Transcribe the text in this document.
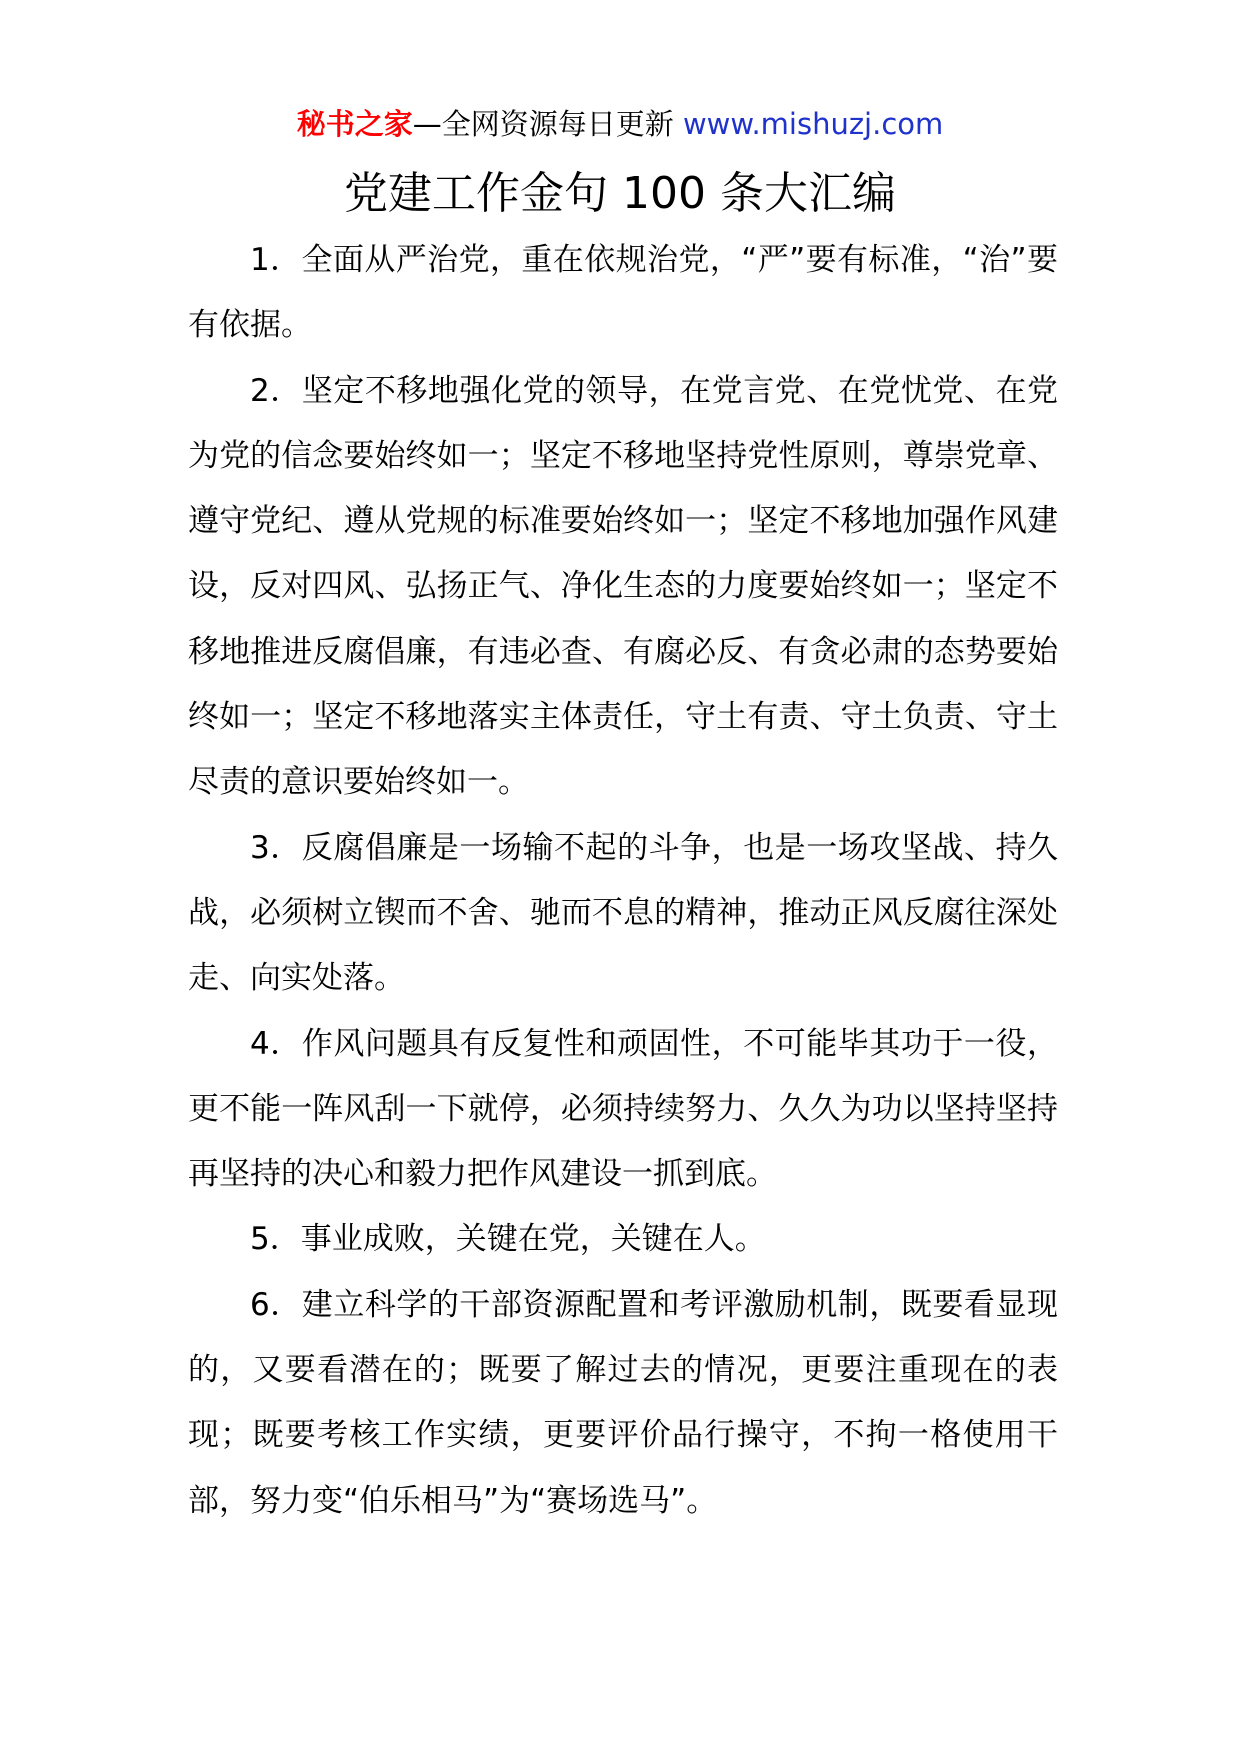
秘书之家—全网资源每日更新 www.mishuzj.com
党建工作金句 100 条大汇编

1．全面从严治党，重在依规治党，“严”要有标准，“治”要有依据。

2．坚定不移地强化党的领导，在党言党、在党忧党、在党为党的信念要始终如一；坚定不移地坚持党性原则，尊崇党章、遵守党纪、遵从党规的标准要始终如一；坚定不移地加强作风建设，反对四风、弘扬正气、净化生态的力度要始终如一；坚定不移地推进反腐倡廉，有违必查、有腐必反、有贪必肃的态势要始终如一；坚定不移地落实主体责任，守土有责、守土负责、守土尽责的意识要始终如一。

3．反腐倡廉是一场输不起的斗争，也是一场攻坚战、持久战，必须树立锲而不舍、驰而不息的精神，推动正风反腐往深处走、向实处落。

4．作风问题具有反复性和顽固性，不可能毕其功于一役，更不能一阵风刮一下就停，必须持续努力、久久为功以坚持坚持再坚持的决心和毅力把作风建设一抓到底。

5．事业成败，关键在党，关键在人。

6．建立科学的干部资源配置和考评激励机制，既要看显现的，又要看潜在的；既要了解过去的情况，更要注重现在的表现；既要考核工作实绩，更要评价品行操守，不拘一格使用干部，努力变“伯乐相马”为“赛场选马”。
